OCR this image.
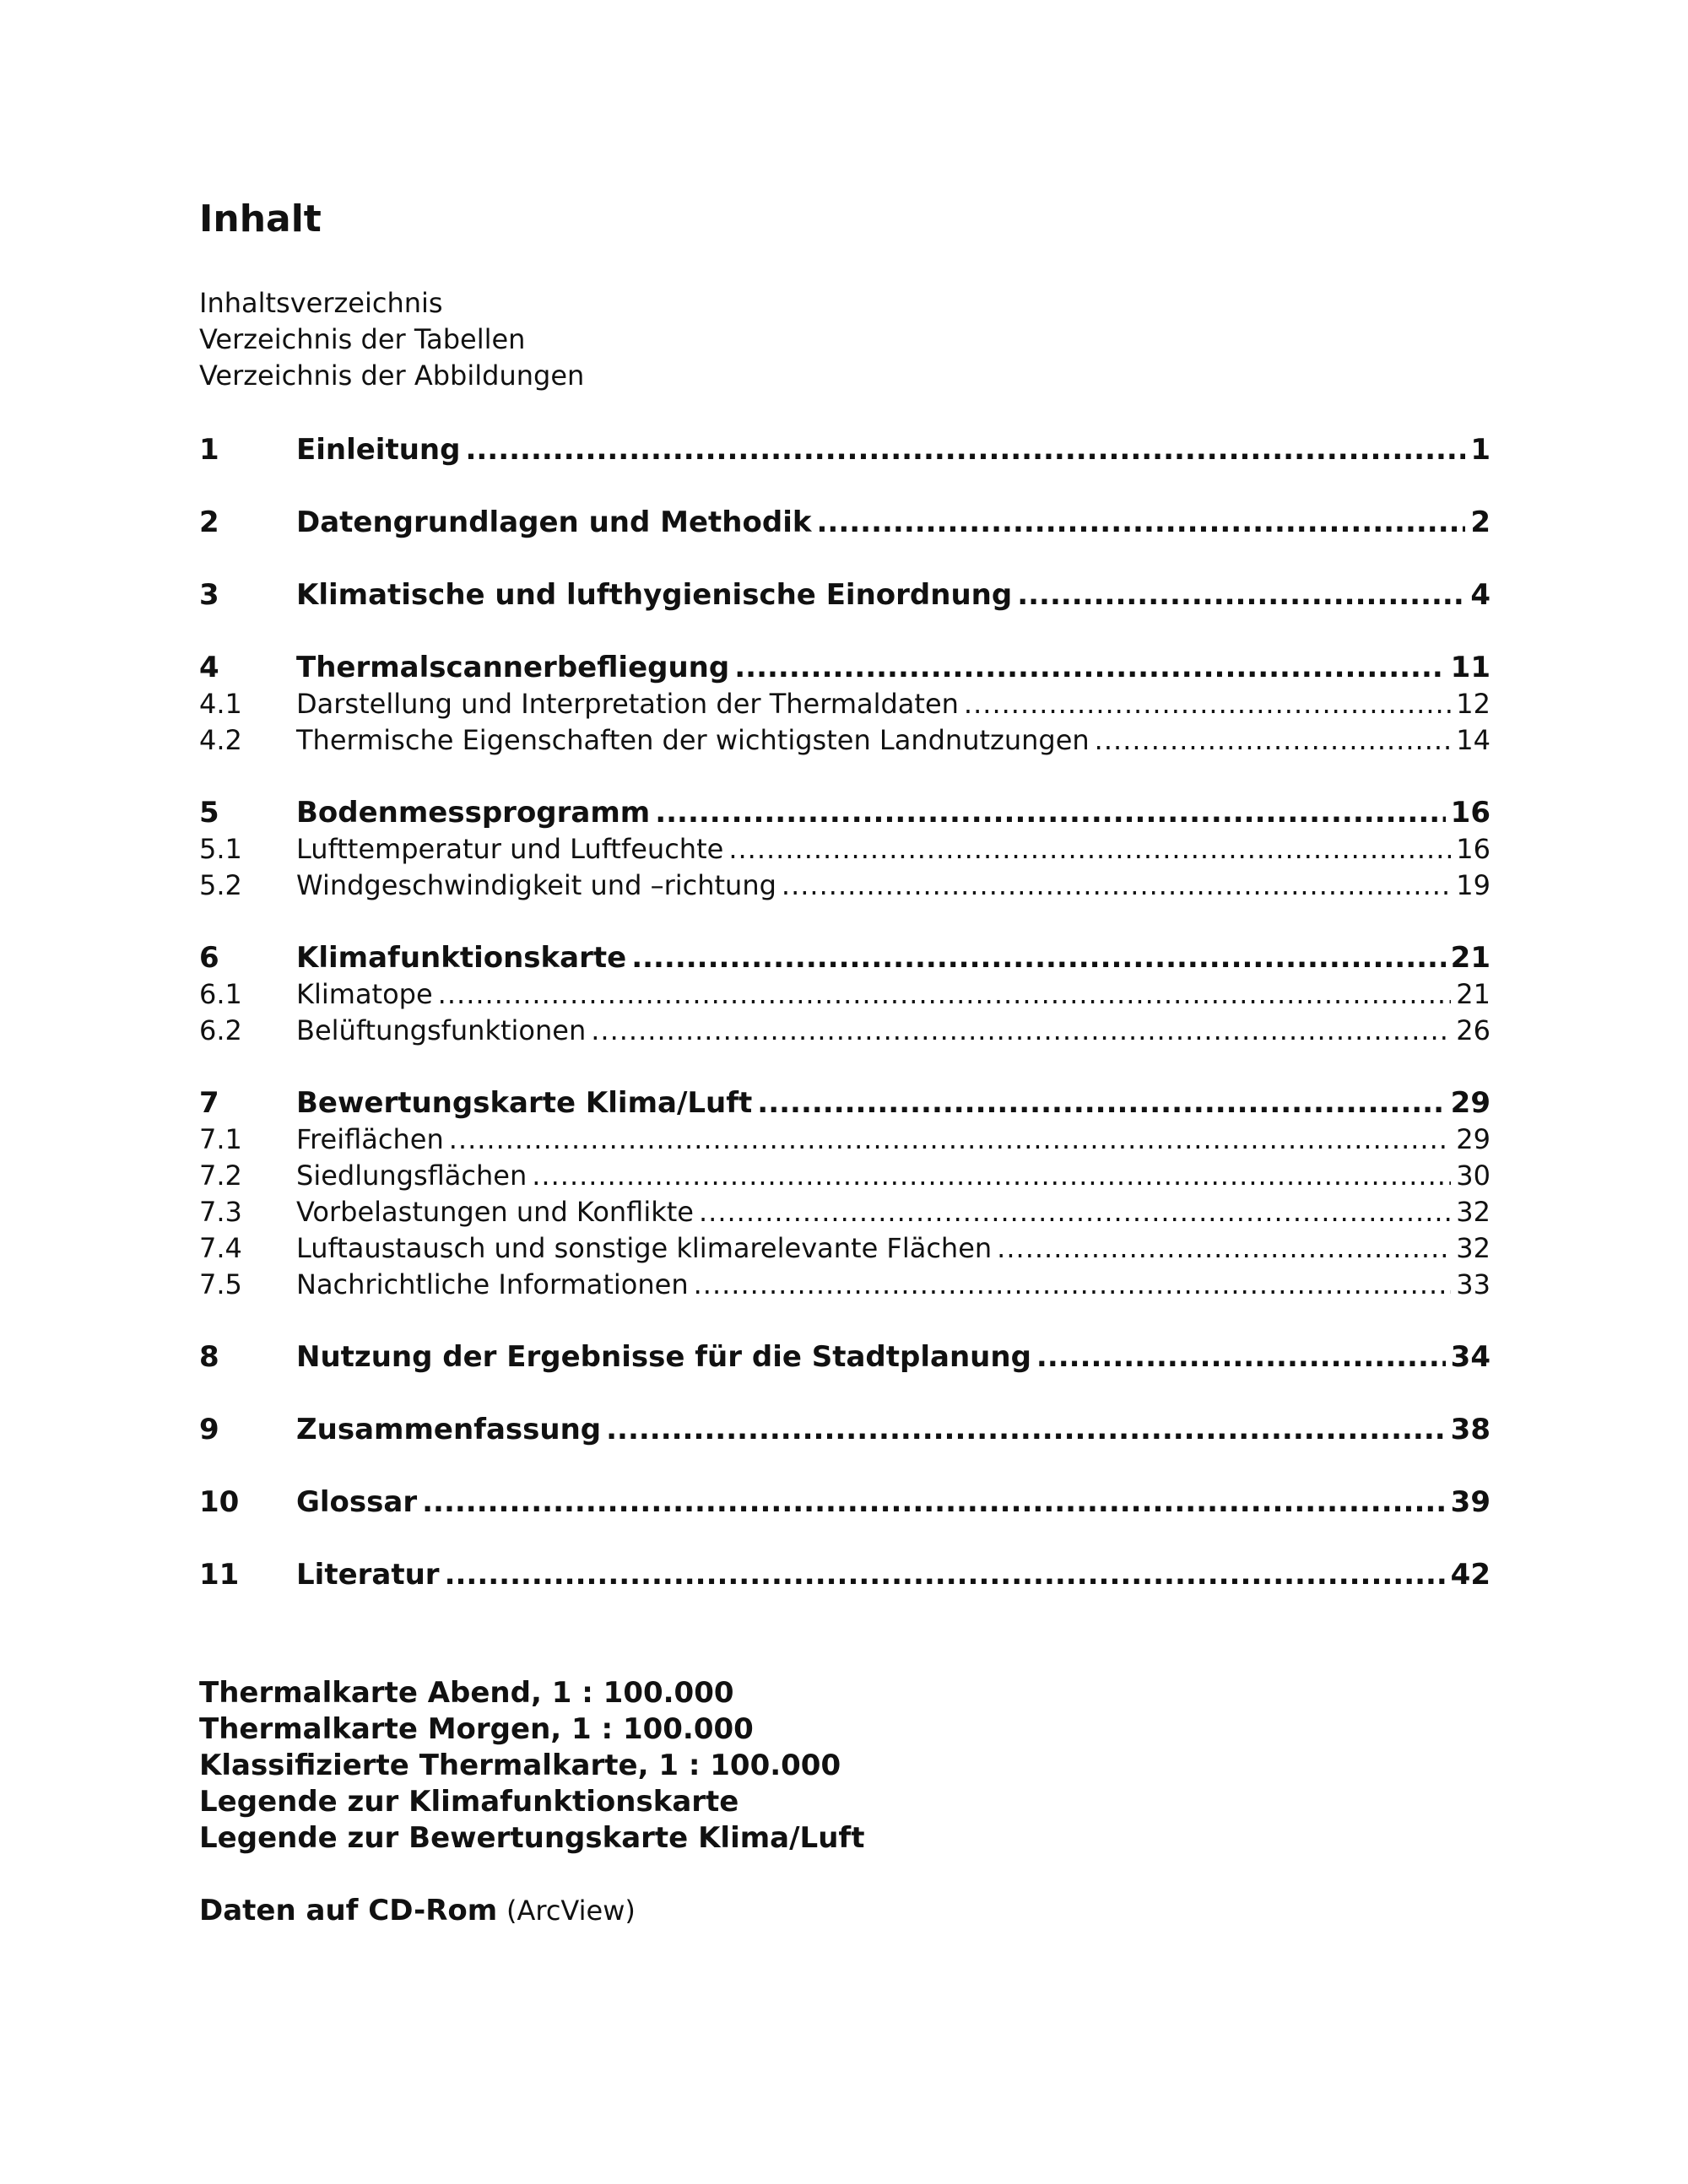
Inhalt
Inhaltsverzeichnis
Verzeichnis der Tabellen
Verzeichnis der Abbildungen
1	Einleitung .....	1
2	Datengrundlagen und Methodik .....	2
3	Klimatische und lufthygienische Einordnung .....	4
4	Thermalscannerbefliegung .....	11
4.1	Darstellung und Interpretation der Thermaldaten .....	12
4.2	Thermische Eigenschaften der wichtigsten Landnutzungen .....	14
5	Bodenmessprogramm .....	16
5.1	Lufttemperatur und Luftfeuchte .....	16
5.2	Windgeschwindigkeit und –richtung .....	19
6	Klimafunktionskarte .....	21
6.1	Klimatope .....	21
6.2	Belüftungsfunktionen .....	26
7	Bewertungskarte Klima/Luft .....	29
7.1	Freiflächen .....	29
7.2	Siedlungsflächen .....	30
7.3	Vorbelastungen und Konflikte .....	32
7.4	Luftaustausch und sonstige klimarelevante Flächen .....	32
7.5	Nachrichtliche Informationen .....	33
8	Nutzung der Ergebnisse für die Stadtplanung .....	34
9	Zusammenfassung .....	38
10	Glossar .....	39
11	Literatur .....	42
Thermalkarte Abend, 1 : 100.000
Thermalkarte Morgen, 1 : 100.000
Klassifizierte Thermalkarte, 1 : 100.000
Legende zur Klimafunktionskarte
Legende zur Bewertungskarte Klima/Luft
Daten auf CD-Rom (ArcView)
